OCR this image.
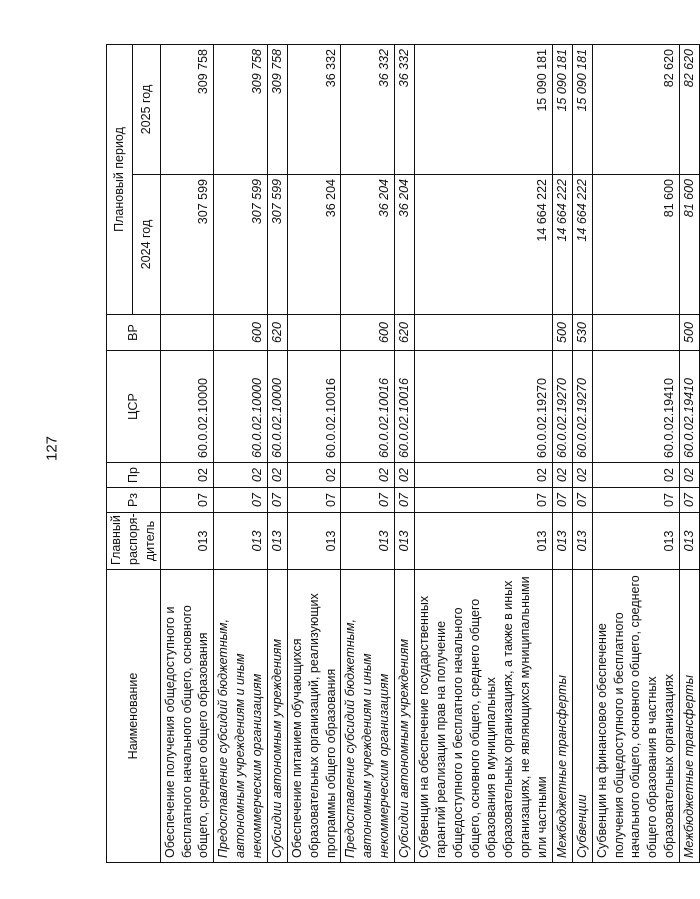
127
Наименование	Главный распоря-дитель	Рз	Пр	ЦСР	ВР	Плановый период	
						2024 год	2025 год
Обеспечение получения общедоступного и бесплатного начального общего, основного общего, среднего общего образования	013	07	02	60.0.02.10000		307 599	309 758
Предоставление субсидий бюджетным, автономным учреждениям и иным некоммерческим организациям	013	07	02	60.0.02.10000	600	307 599	309 758
Субсидии автономным учреждениям	013	07	02	60.0.02.10000	620	307 599	309 758
Обеспечение питанием обучающихся образовательных организаций, реализующих программы общего образования	013	07	02	60.0.02.10016		36 204	36 332
Предоставление субсидий бюджетным, автономным учреждениям и иным некоммерческим организациям	013	07	02	60.0.02.10016	600	36 204	36 332
Субсидии автономным учреждениям	013	07	02	60.0.02.10016	620	36 204	36 332
Субвенции на обеспечение государственных гарантий реализации прав на получение общедоступного и бесплатного начального общего, основного общего, среднего общего образования в муниципальных образовательных организациях, а также в иных организациях, не являющихся муниципальными или частными	013	07	02	60.0.02.19270		14 664 222	15 090 181
Межбюджетные трансферты	013	07	02	60.0.02.19270	500	14 664 222	15 090 181
Субвенции	013	07	02	60.0.02.19270	530	14 664 222	15 090 181
Субвенции на финансовое обеспечение получения общедоступного и бесплатного начального общего, основного общего, среднего общего образования в частных образовательных организациях	013	07	02	60.0.02.19410		81 600	82 620
Межбюджетные трансферты	013	07	02	60.0.02.19410	500	81 600	82 620
